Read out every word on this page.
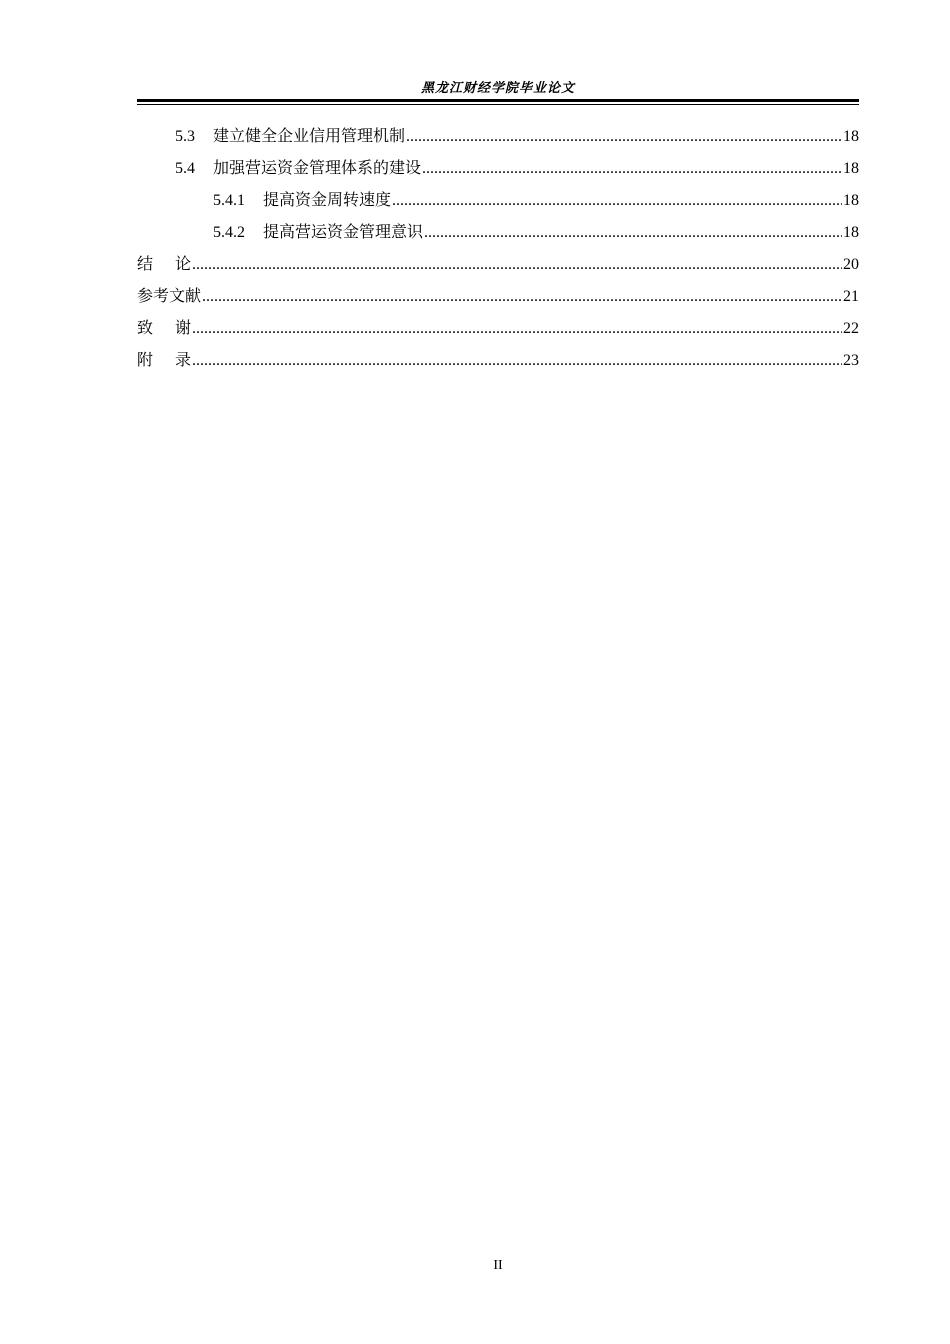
黑龙江财经学院毕业论文
5.3 建立健全企业信用管理机制 .....	18
5.4 加强营运资金管理体系的建设 .....	18
5.4.1 提高资金周转速度 .....	18
5.4.2 提高营运资金管理意识 .....	18
结论 .....	20
参考文献 .....	21
致谢 .....	22
附录 .....	23
II
